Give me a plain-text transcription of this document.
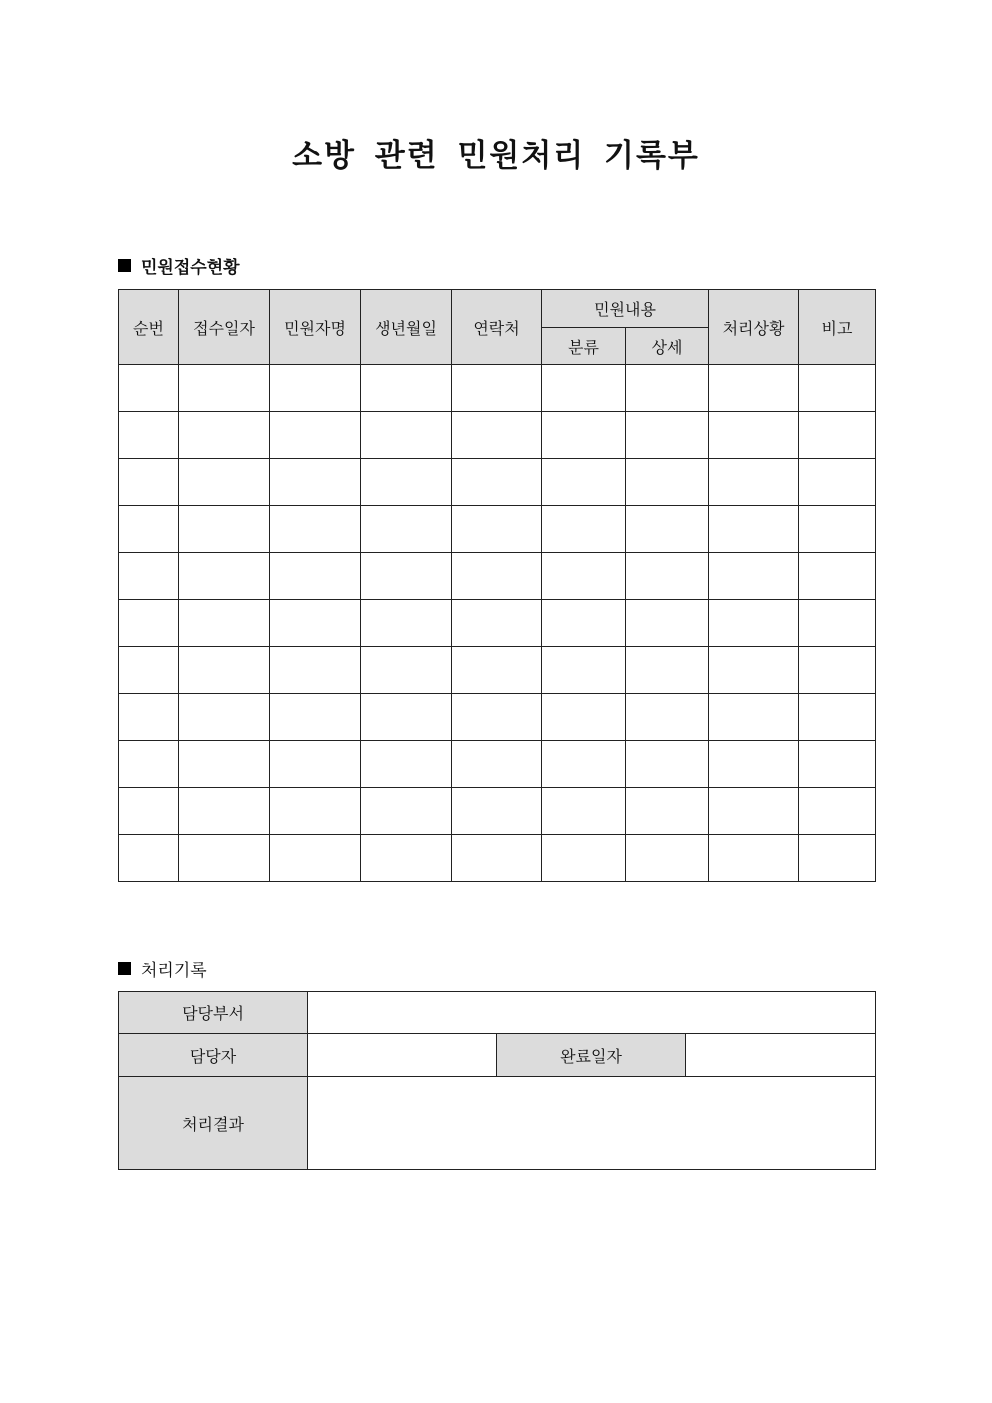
소방 관련 민원처리 기록부
민원접수현황
순번	접수일자	민원자명	생년월일	연락처	민원내용		처리상황	비고
					분류	상세		

처리기록
담당부서			
담당자		완료일자	
처리결과			
